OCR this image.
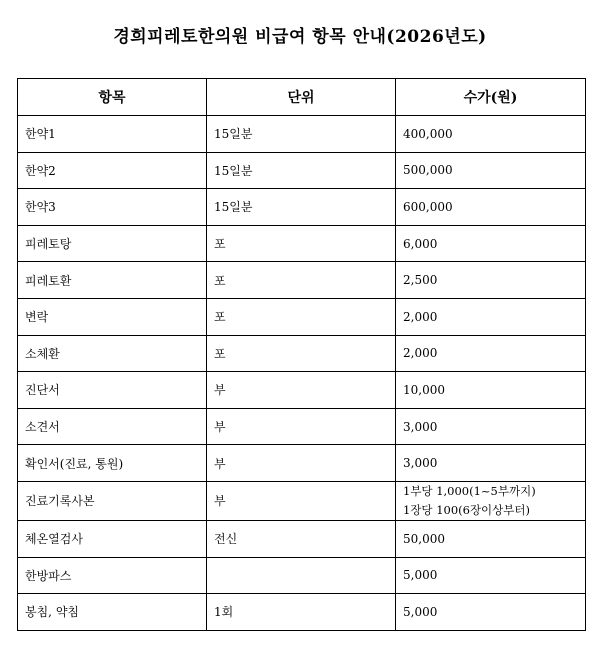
경희피레토한의원 비급여 항목 안내(2026년도)
항목	단위	수가(원)
한약1	15일분	400,000

한약2	15일분	500,000

한약3	15일분	600,000

피레토탕	포	6,000

피레토환	포	2,500

변락	포	2,000

소체환	포	2,000

진단서	부	10,000

소견서	부	3,000

확인서(진료, 통원)	부	3,000

진료기록사본	부	1부당 1,000(1~5부까지)
1장당 100(6장이상부터)

체온열검사	전신	50,000

한방파스		5,000

봉침, 약침	1회	5,000
